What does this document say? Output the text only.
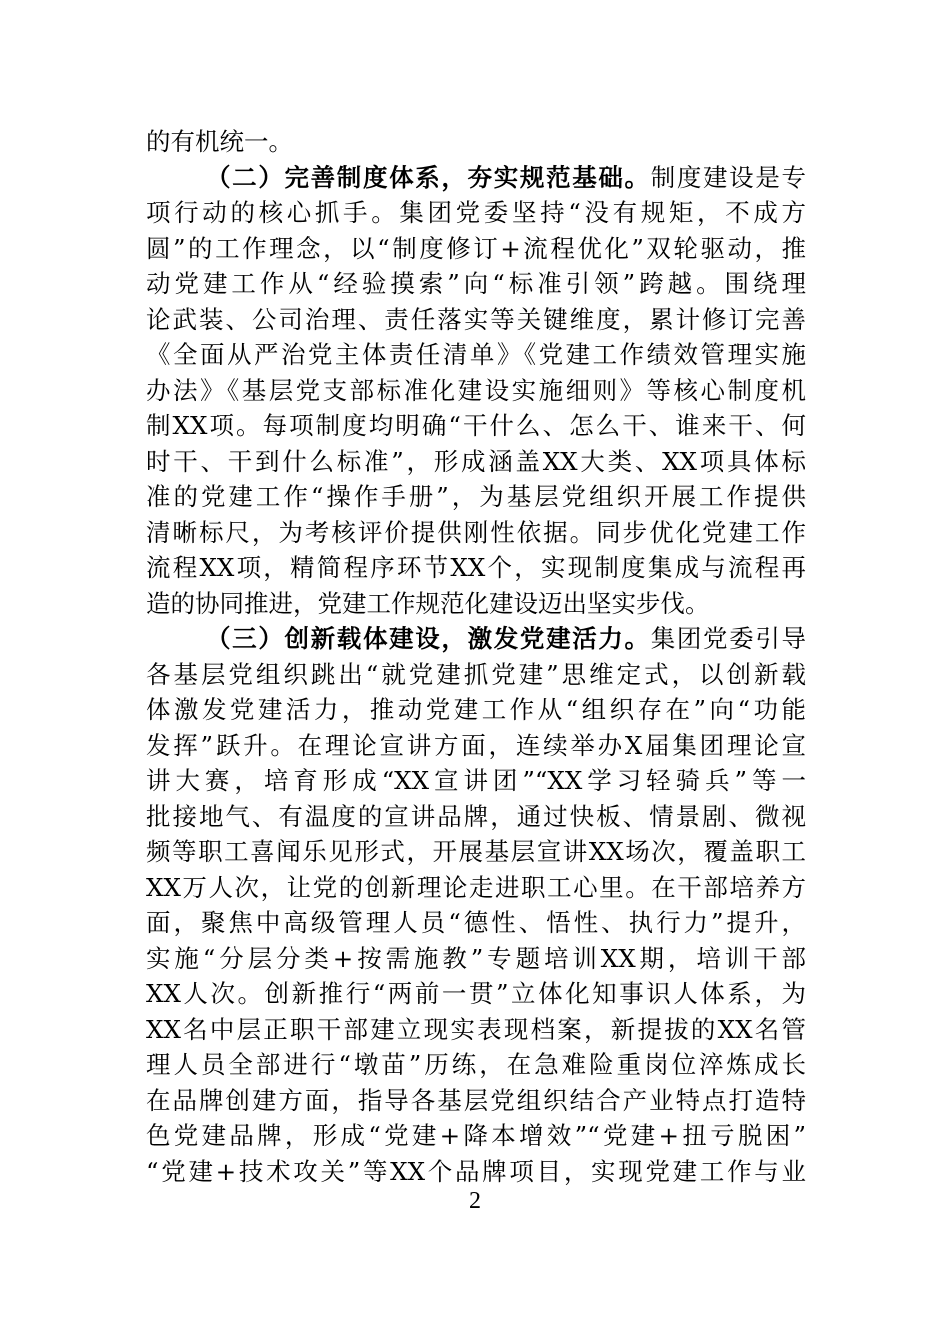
的有机统一。
（二）完善制度体系，夯实规范基础。制度建设是专
项行动的核心抓手。集团党委坚持“没有规矩，不成方
圆”的工作理念，以“制度修订+流程优化”双轮驱动，推
动党建工作从“经验摸索”向“标准引领”跨越。围绕理
论武装、公司治理、责任落实等关键维度，累计修订完善
《全面从严治党主体责任清单》《党建工作绩效管理实施
办法》《基层党支部标准化建设实施细则》等核心制度机
制XX项。每项制度均明确“干什么、怎么干、谁来干、何
时干、干到什么标准”，形成涵盖XX大类、XX项具体标
准的党建工作“操作手册”，为基层党组织开展工作提供
清晰标尺，为考核评价提供刚性依据。同步优化党建工作
流程XX项，精简程序环节XX个，实现制度集成与流程再
造的协同推进，党建工作规范化建设迈出坚实步伐。
（三）创新载体建设，激发党建活力。集团党委引导
各基层党组织跳出“就党建抓党建”思维定式，以创新载
体激发党建活力，推动党建工作从“组织存在”向“功能
发挥”跃升。在理论宣讲方面，连续举办X届集团理论宣
讲大赛，培育形成“XX宣讲团”“XX学习轻骑兵”等一
批接地气、有温度的宣讲品牌，通过快板、情景剧、微视
频等职工喜闻乐见形式，开展基层宣讲XX场次，覆盖职工
XX万人次，让党的创新理论走进职工心里。在干部培养方
面，聚焦中高级管理人员“德性、悟性、执行力”提升，
实施“分层分类+按需施教”专题培训XX期，培训干部
XX人次。创新推行“两前一贯”立体化知事识人体系，为
XX名中层正职干部建立现实表现档案，新提拔的XX名管
理人员全部进行“墩苗”历练，在急难险重岗位淬炼成长
在品牌创建方面，指导各基层党组织结合产业特点打造特
色党建品牌，形成“党建+降本增效”“党建+扭亏脱困”
“党建+技术攻关”等XX个品牌项目，实现党建工作与业
2
